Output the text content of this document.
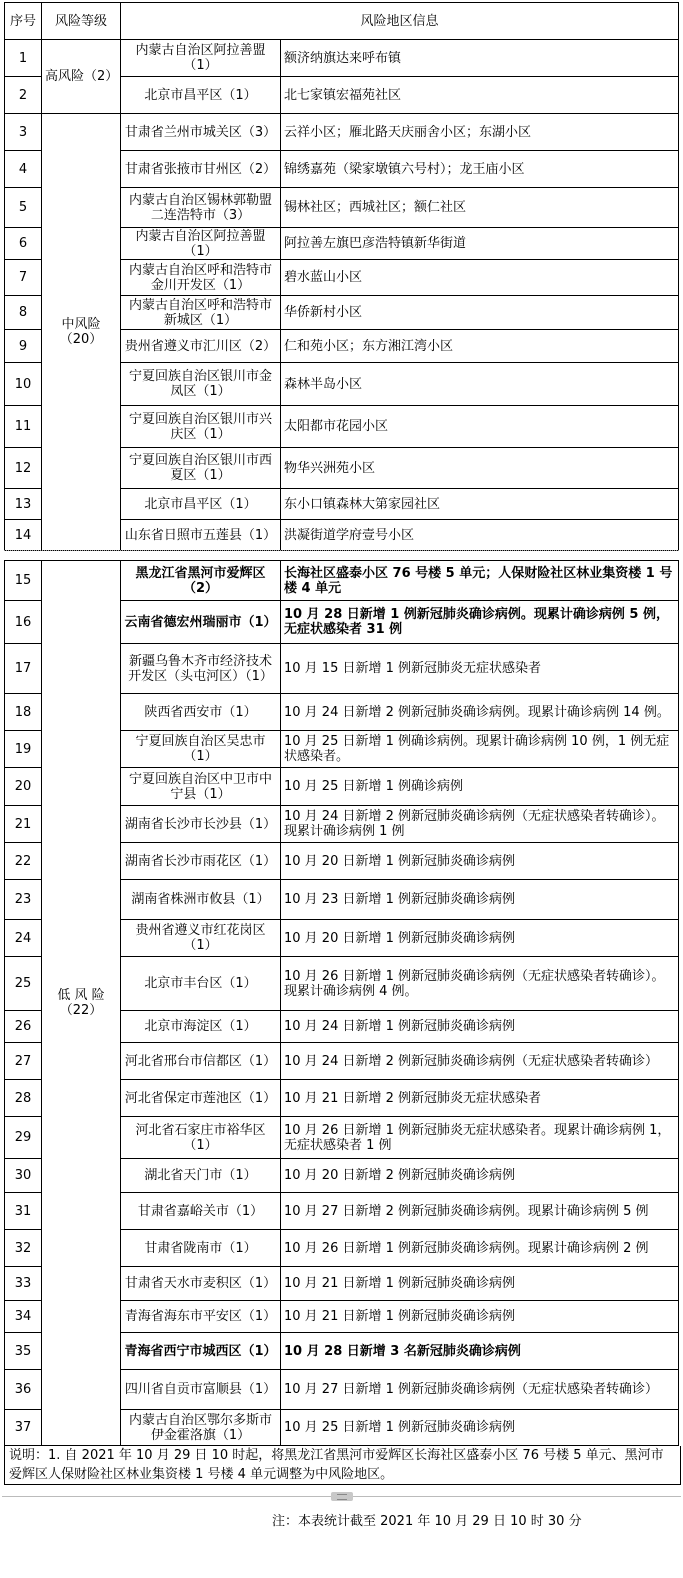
序号	风险等级	风险地区信息	
1	高风险（2）	内蒙古自治区阿拉善盟（1）	额济纳旗达来呼布镇
2		北京市昌平区（1）	北七家镇宏福苑社区
3	中风险（20）	甘肃省兰州市城关区（3）	云祥小区；雁北路天庆丽舍小区；东湖小区
4		甘肃省张掖市甘州区（2）	锦绣嘉苑（梁家墩镇六号村）；龙王庙小区
5		内蒙古自治区锡林郭勒盟二连浩特市（3）	锡林社区；西城社区；额仁社区
6		内蒙古自治区阿拉善盟（1）	阿拉善左旗巴彦浩特镇新华街道
7		内蒙古自治区呼和浩特市金川开发区（1）	碧水蓝山小区
8		内蒙古自治区呼和浩特市新城区（1）	华侨新村小区
9		贵州省遵义市汇川区（2）	仁和苑小区；东方湘江湾小区
10		宁夏回族自治区银川市金凤区（1）	森林半岛小区
11		宁夏回族自治区银川市兴庆区（1）	太阳都市花园小区
12		宁夏回族自治区银川市西夏区（1）	物华兴洲苑小区
13		北京市昌平区（1）	东小口镇森林大第家园社区
14		山东省日照市五莲县（1）	洪凝街道学府壹号小区
15	低 风 险（22）	黑龙江省黑河市爱辉区（2）	长海社区盛泰小区 76 号楼 5 单元；人保财险社区林业集资楼 1 号楼 4 单元
16		云南省德宏州瑞丽市（1）	10 月 28 日新增 1 例新冠肺炎确诊病例。现累计确诊病例 5 例，无症状感染者 31 例
17		新疆乌鲁木齐市经济技术开发区（头屯河区）（1）	10 月 15 日新增 1 例新冠肺炎无症状感染者
18		陕西省西安市（1）	10 月 24 日新增 2 例新冠肺炎确诊病例。现累计确诊病例 14 例。
19		宁夏回族自治区吴忠市（1）	10 月 25 日新增 1 例确诊病例。现累计确诊病例 10 例，1 例无症状感染者。
20		宁夏回族自治区中卫市中宁县（1）	10 月 25 日新增 1 例确诊病例
21		湖南省长沙市长沙县（1）	10 月 24 日新增 2 例新冠肺炎确诊病例（无症状感染者转确诊）。现累计确诊病例 1 例
22		湖南省长沙市雨花区（1）	10 月 20 日新增 1 例新冠肺炎确诊病例
23		湖南省株洲市攸县（1）	10 月 23 日新增 1 例新冠肺炎确诊病例
24		贵州省遵义市红花岗区（1）	10 月 20 日新增 1 例新冠肺炎确诊病例
25		北京市丰台区（1）	10 月 26 日新增 1 例新冠肺炎确诊病例（无症状感染者转确诊）。现累计确诊病例 4 例。
26		北京市海淀区（1）	10 月 24 日新增 1 例新冠肺炎确诊病例
27		河北省邢台市信都区（1）	10 月 24 日新增 2 例新冠肺炎确诊病例（无症状感染者转确诊）
28		河北省保定市莲池区（1）	10 月 21 日新增 2 例新冠肺炎无症状感染者
29		河北省石家庄市裕华区（1）	10 月 26 日新增 1 例新冠肺炎无症状感染者。现累计确诊病例 1，无症状感染者 1 例
30		湖北省天门市（1）	10 月 20 日新增 2 例新冠肺炎确诊病例
31		甘肃省嘉峪关市（1）	10 月 27 日新增 2 例新冠肺炎确诊病例。现累计确诊病例 5 例
32		甘肃省陇南市（1）	10 月 26 日新增 1 例新冠肺炎确诊病例。现累计确诊病例 2 例
33		甘肃省天水市麦积区（1）	10 月 21 日新增 1 例新冠肺炎确诊病例
34		青海省海东市平安区（1）	10 月 21 日新增 1 例新冠肺炎确诊病例
35		青海省西宁市城西区（1）	10 月 28 日新增 3 名新冠肺炎确诊病例
36		四川省自贡市富顺县（1）	10 月 27 日新增 1 例新冠肺炎确诊病例（无症状感染者转确诊）
37		内蒙古自治区鄂尔多斯市伊金霍洛旗（1）	10 月 25 日新增 1 例新冠肺炎确诊病例
说明：1. 自 2021 年 10 月 29 日 10 时起，将黑龙江省黑河市爱辉区长海社区盛泰小区 76 号楼 5 单元、黑河市爱辉区人保财险社区林业集资楼 1 号楼 4 单元调整为中风险地区。
注：本表统计截至 2021 年 10 月 29 日 10 时 30 分
